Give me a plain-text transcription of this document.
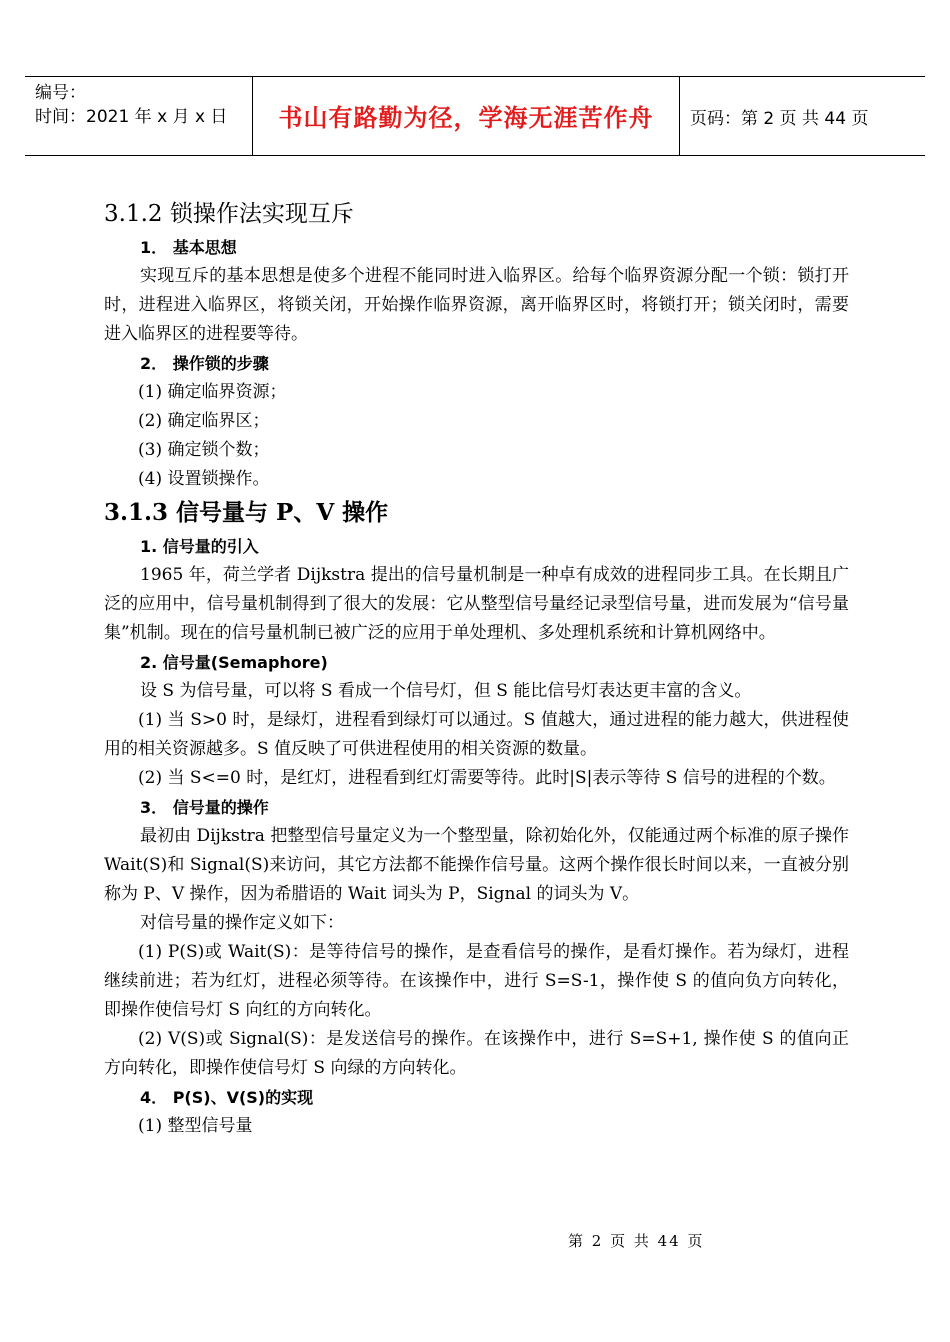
编号：
时间：2021 年 x 月 x 日	书山有路勤为径，学海无涯苦作舟	页码：第 2 页 共 44 页
3.1.2 锁操作法实现互斥
1． 基本思想

实现互斥的基本思想是使多个进程不能同时进入临界区。给每个临界资源分配一个锁：锁打开时，进程进入临界区，将锁关闭，开始操作临界资源，离开临界区时，将锁打开；锁关闭时，需要进入临界区的进程要等待。

2． 操作锁的步骤

(1) 确定临界资源；

(2) 确定临界区；

(3) 确定锁个数；

(4) 设置锁操作。

3.1.3 信号量与 P、V 操作
1. 信号量的引入

1965 年，荷兰学者 Dijkstra 提出的信号量机制是一种卓有成效的进程同步工具。在长期且广泛的应用中，信号量机制得到了很大的发展：它从整型信号量经记录型信号量，进而发展为“信号量集”机制。现在的信号量机制已被广泛的应用于单处理机、多处理机系统和计算机网络中。

2. 信号量(Semaphore)

设 S 为信号量，可以将 S 看成一个信号灯，但 S 能比信号灯表达更丰富的含义。

(1) 当 S>0 时，是绿灯，进程看到绿灯可以通过。S 值越大，通过进程的能力越大，供进程使用的相关资源越多。S 值反映了可供进程使用的相关资源的数量。

(2) 当 S<=0 时，是红灯，进程看到红灯需要等待。此时|S|表示等待 S 信号的进程的个数。

3． 信号量的操作

最初由 Dijkstra 把整型信号量定义为一个整型量，除初始化外，仅能通过两个标准的原子操作 Wait(S)和 Signal(S)来访问，其它方法都不能操作信号量。这两个操作很长时间以来，一直被分别称为 P、V 操作，因为希腊语的 Wait 词头为 P，Signal 的词头为 V。

对信号量的操作定义如下：

(1) P(S)或 Wait(S)：是等待信号的操作，是查看信号的操作，是看灯操作。若为绿灯，进程继续前进；若为红灯，进程必须等待。在该操作中，进行 S=S-1，操作使 S 的值向负方向转化，即操作使信号灯 S 向红的方向转化。

(2) V(S)或 Signal(S)：是发送信号的操作。在该操作中，进行 S=S+1, 操作使 S 的值向正方向转化，即操作使信号灯 S 向绿的方向转化。

4． P(S)、V(S)的实现

(1) 整型信号量

第 2 页 共 44 页
